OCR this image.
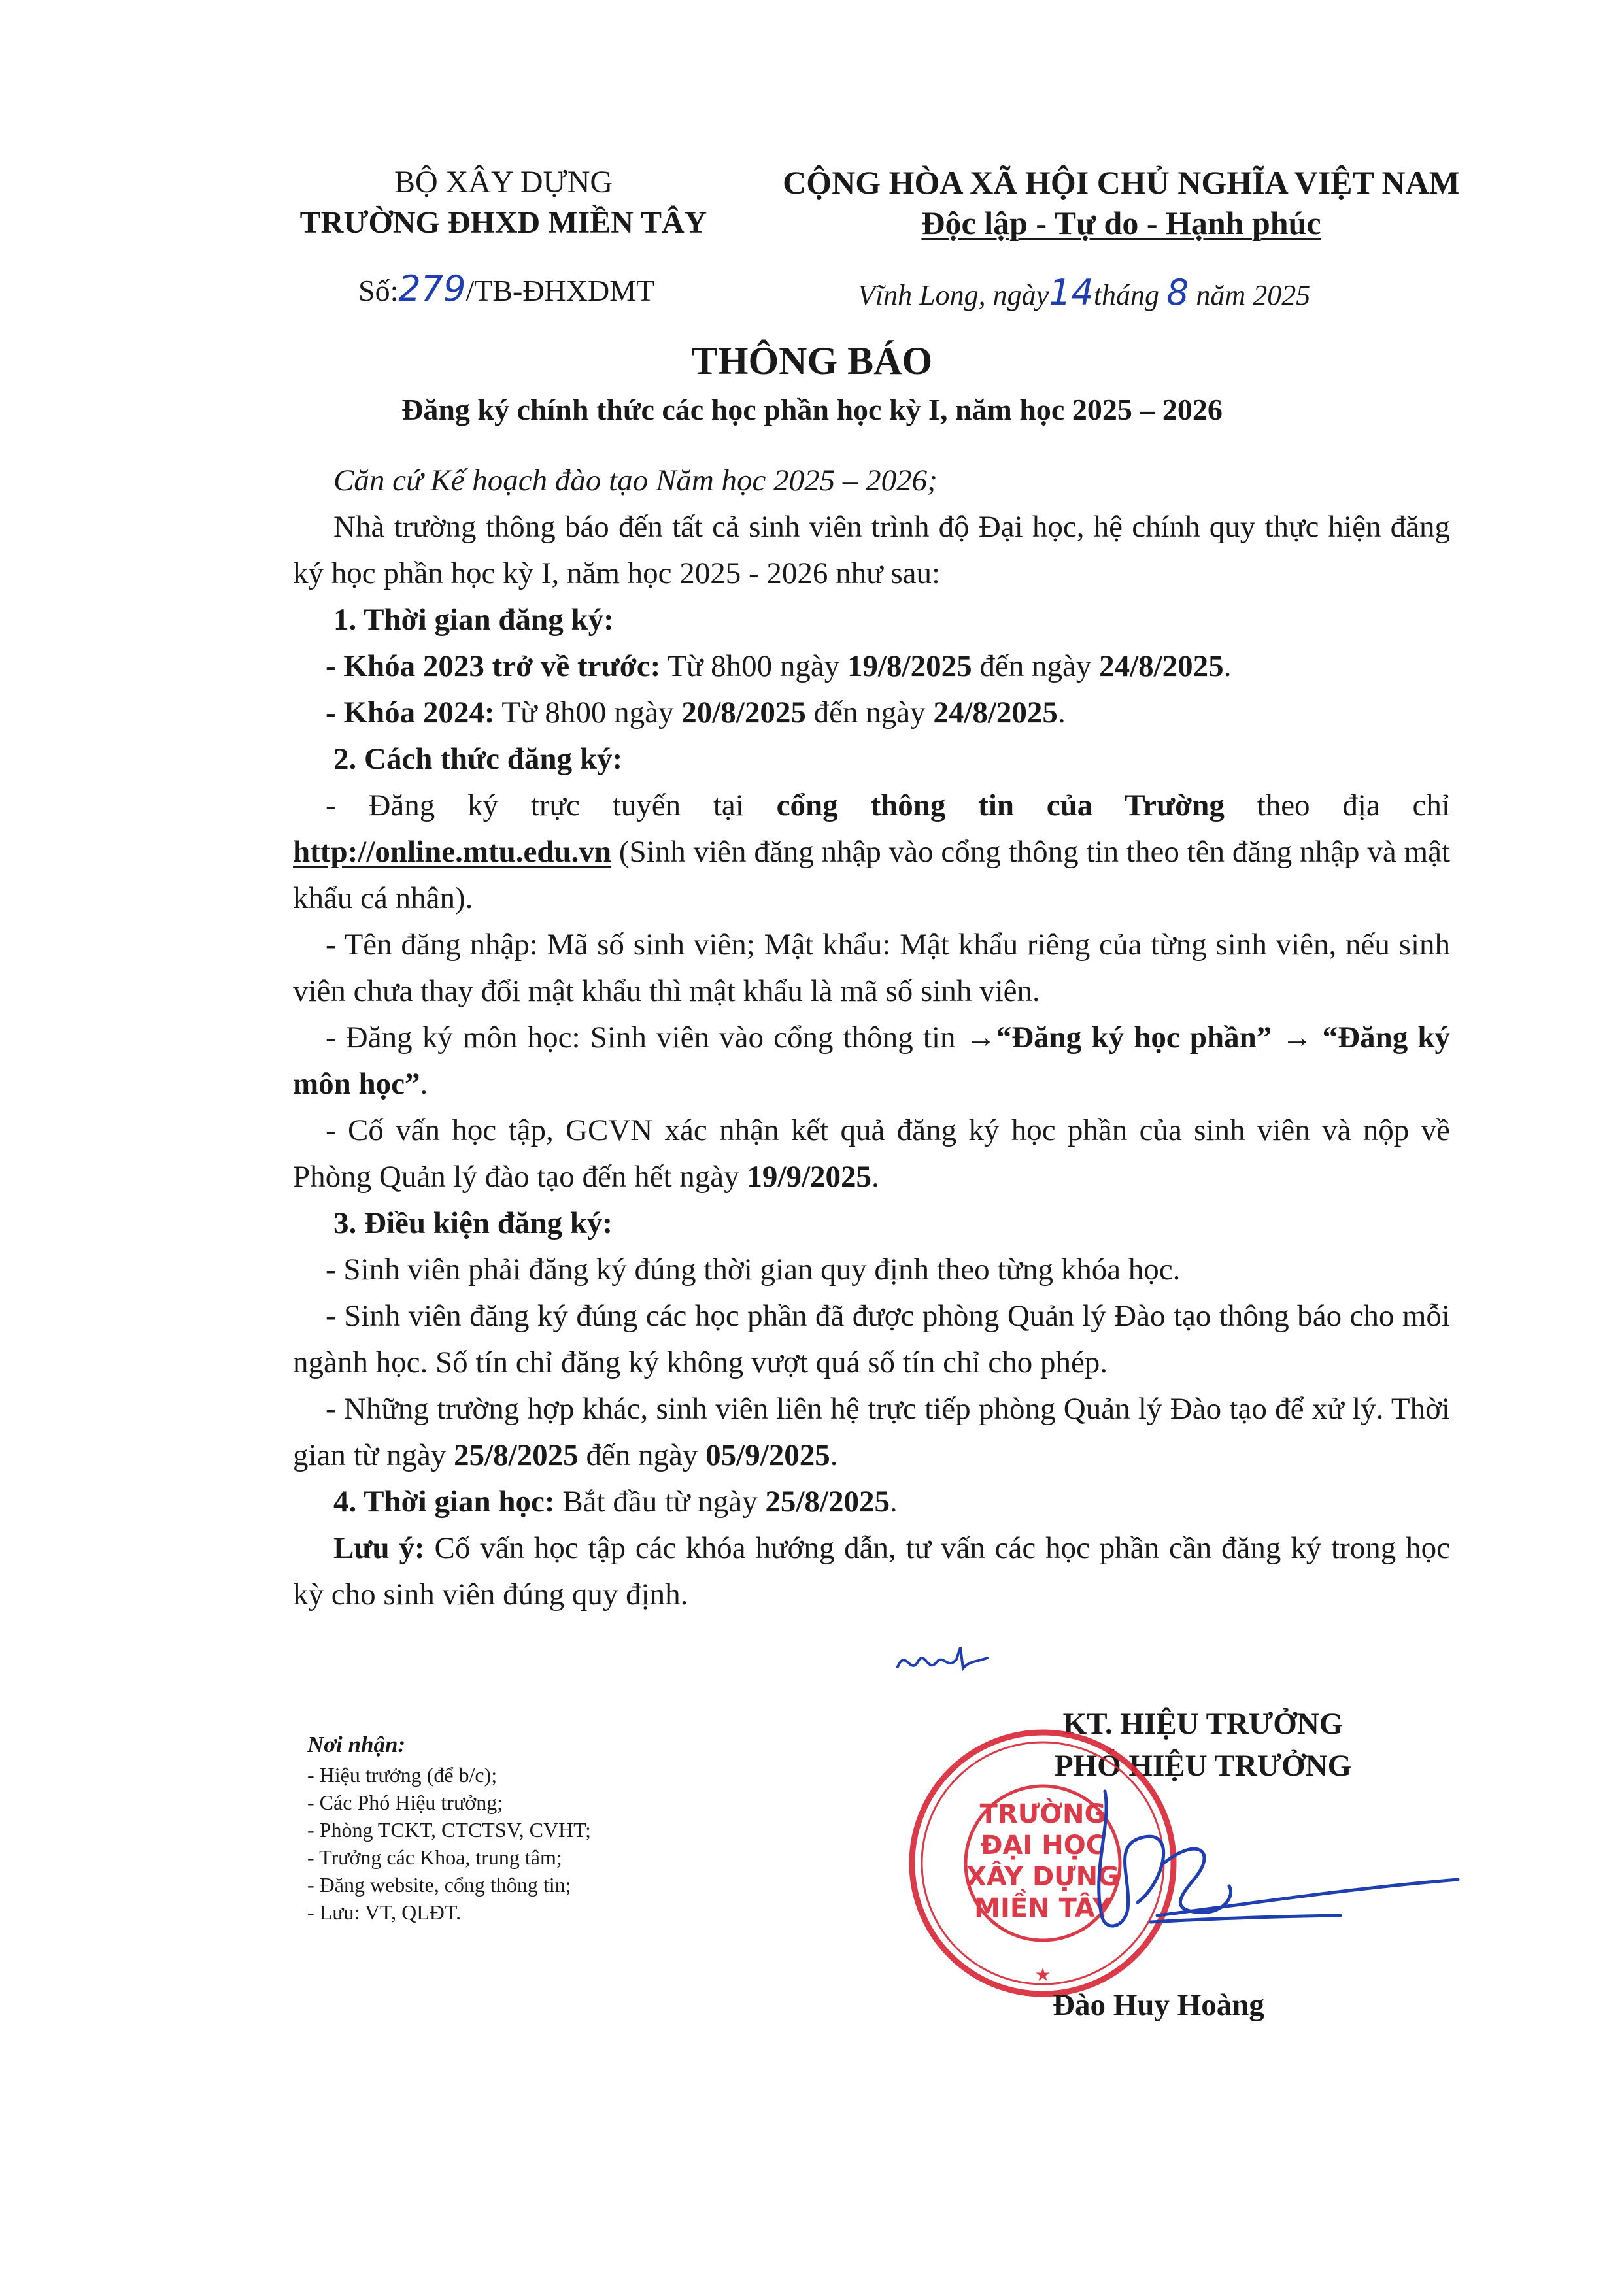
BỘ XÂY DỰNG
TRƯỜNG ĐHXD MIỀN TÂY
CỘNG HÒA XÃ HỘI CHỦ NGHĨA VIỆT NAM
Độc lập - Tự do - Hạnh phúc
Số:279/TB-ĐHXDMT	Vĩnh Long, ngày14tháng 8 năm 2025
THÔNG BÁO
Đăng ký chính thức các học phần học kỳ I, năm học 2025 – 2026

Căn cứ Kế hoạch đào tạo Năm học 2025 – 2026;

Nhà trường thông báo đến tất cả sinh viên trình độ Đại học, hệ chính quy thực hiện đăng ký học phần học kỳ I, năm học 2025 - 2026 như sau:

1. Thời gian đăng ký:

- Khóa 2023 trở về trước: Từ 8h00 ngày 19/8/2025 đến ngày 24/8/2025.

- Khóa 2024: Từ 8h00 ngày 20/8/2025 đến ngày 24/8/2025.

2. Cách thức đăng ký:

- Đăng ký trực tuyến tại cổng thông tin của Trường theo địa chỉ http://online.mtu.edu.vn (Sinh viên đăng nhập vào cổng thông tin theo tên đăng nhập và mật khẩu cá nhân).

- Tên đăng nhập: Mã số sinh viên; Mật khẩu: Mật khẩu riêng của từng sinh viên, nếu sinh viên chưa thay đổi mật khẩu thì mật khẩu là mã số sinh viên.

- Đăng ký môn học: Sinh viên vào cổng thông tin →“Đăng ký học phần” → “Đăng ký môn học”.

- Cố vấn học tập, GCVN xác nhận kết quả đăng ký học phần của sinh viên và nộp về Phòng Quản lý đào tạo đến hết ngày 19/9/2025.

3. Điều kiện đăng ký:

- Sinh viên phải đăng ký đúng thời gian quy định theo từng khóa học.

- Sinh viên đăng ký đúng các học phần đã được phòng Quản lý Đào tạo thông báo cho mỗi ngành học. Số tín chỉ đăng ký không vượt quá số tín chỉ cho phép.

- Những trường hợp khác, sinh viên liên hệ trực tiếp phòng Quản lý Đào tạo để xử lý. Thời gian từ ngày 25/8/2025 đến ngày 05/9/2025.

4. Thời gian học: Bắt đầu từ ngày 25/8/2025.

Lưu ý: Cố vấn học tập các khóa hướng dẫn, tư vấn các học phần cần đăng ký trong học kỳ cho sinh viên đúng quy định.

Nơi nhận:
- Hiệu trưởng (để b/c);
- Các Phó Hiệu trưởng;
- Phòng TCKT, CTCTSV, CVHT;
- Trưởng các Khoa, trung tâm;
- Đăng website, cổng thông tin;
- Lưu: VT, QLĐT.
KT. HIỆU TRƯỞNG
PHÓ HIỆU TRƯỞNG
TRƯỜNG
ĐẠI HỌC
XÂY DỰNG
MIỀN TÂY
★
Đào Huy Hoàng
